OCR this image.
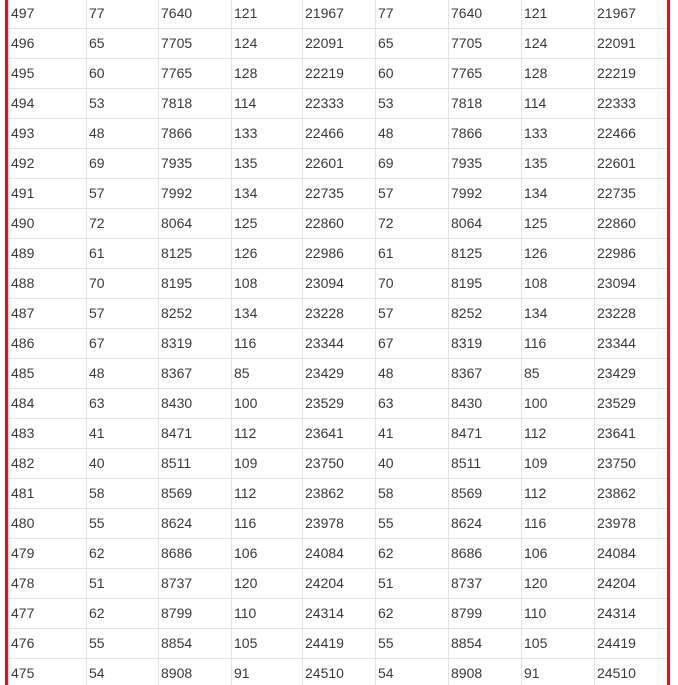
497	77	7640	121	21967	77	7640	121	21967
496	65	7705	124	22091	65	7705	124	22091
495	60	7765	128	22219	60	7765	128	22219
494	53	7818	114	22333	53	7818	114	22333
493	48	7866	133	22466	48	7866	133	22466
492	69	7935	135	22601	69	7935	135	22601
491	57	7992	134	22735	57	7992	134	22735
490	72	8064	125	22860	72	8064	125	22860
489	61	8125	126	22986	61	8125	126	22986
488	70	8195	108	23094	70	8195	108	23094
487	57	8252	134	23228	57	8252	134	23228
486	67	8319	116	23344	67	8319	116	23344
485	48	8367	85	23429	48	8367	85	23429
484	63	8430	100	23529	63	8430	100	23529
483	41	8471	112	23641	41	8471	112	23641
482	40	8511	109	23750	40	8511	109	23750
481	58	8569	112	23862	58	8569	112	23862
480	55	8624	116	23978	55	8624	116	23978
479	62	8686	106	24084	62	8686	106	24084
478	51	8737	120	24204	51	8737	120	24204
477	62	8799	110	24314	62	8799	110	24314
476	55	8854	105	24419	55	8854	105	24419
475	54	8908	91	24510	54	8908	91	24510
